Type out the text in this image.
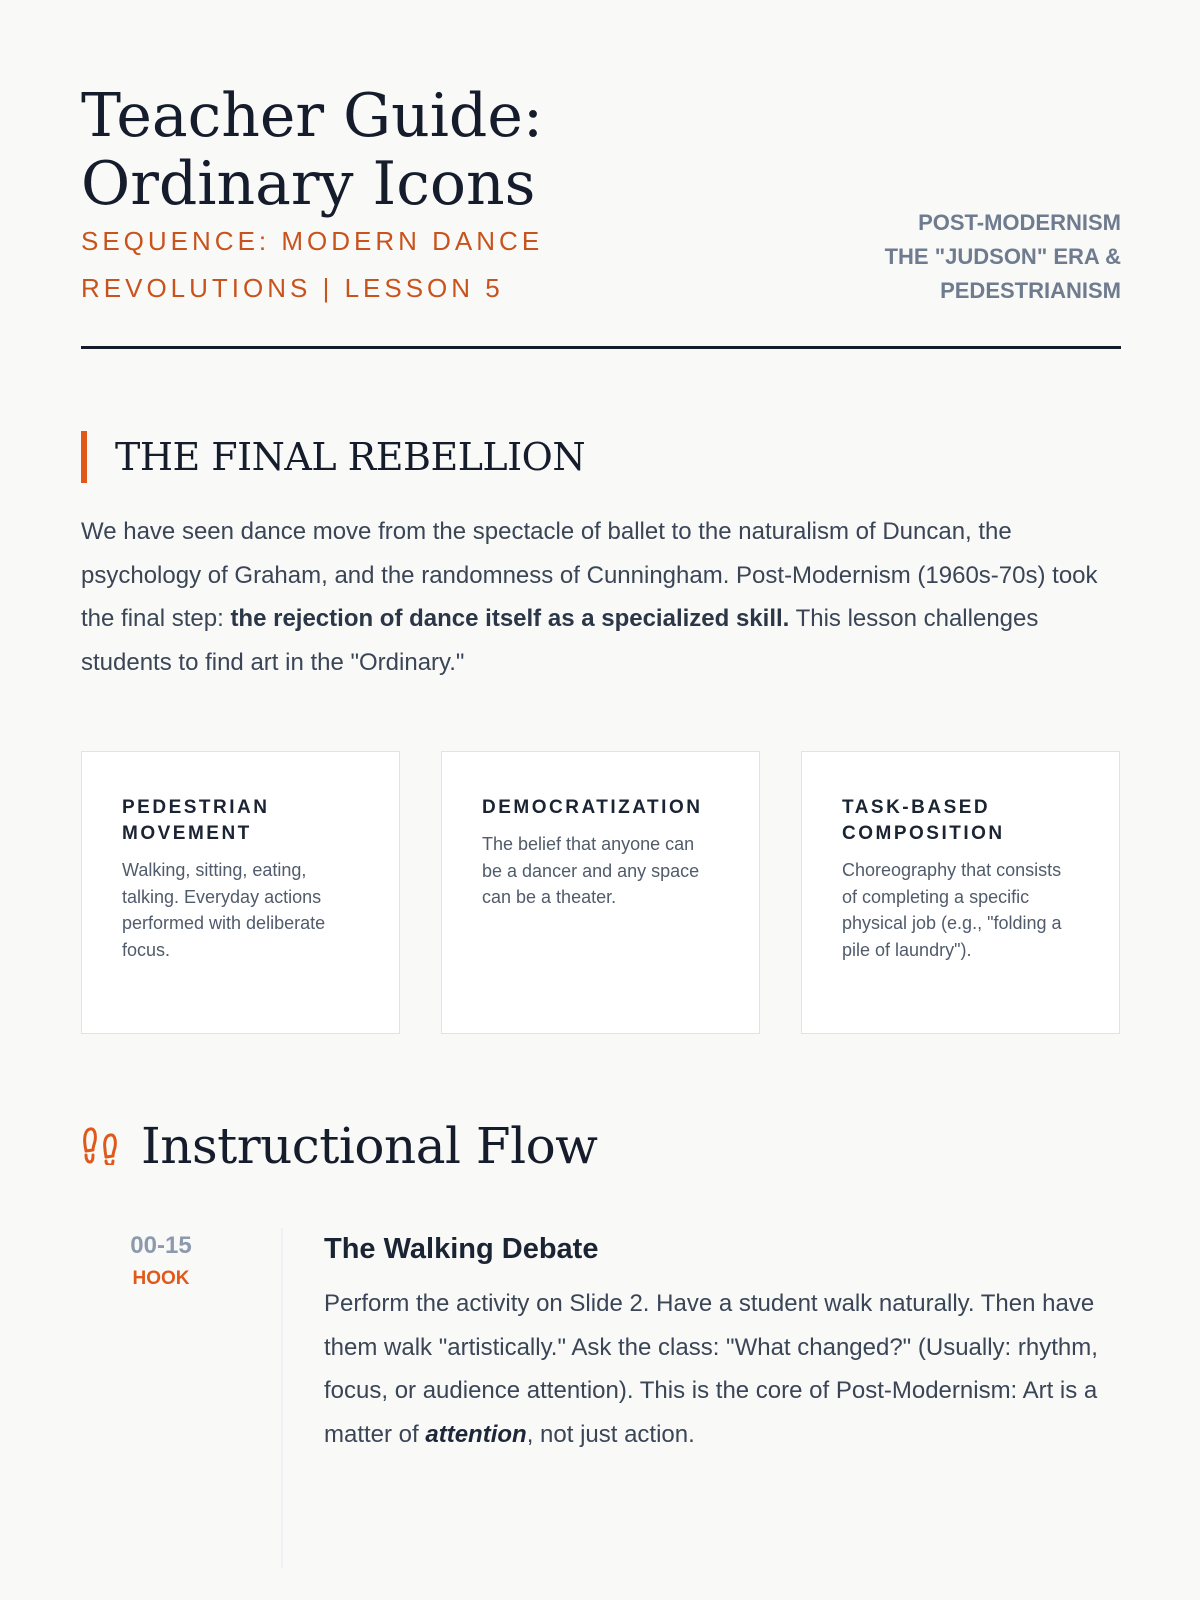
Teacher Guide: Ordinary Icons
SEQUENCE: MODERN DANCE REVOLUTIONS | LESSON 5
POST-MODERNISM
THE "JUDSON" ERA &
PEDESTRIANISM
THE FINAL REBELLION

We have seen dance move from the spectacle of ballet to the naturalism of Duncan, the psychology of Graham, and the randomness of Cunningham. Post-Modernism (1960s-70s) took the final step: the rejection of dance itself as a specialized skill. This lesson challenges students to find art in the "Ordinary."

PEDESTRIAN MOVEMENT

Walking, sitting, eating, talking. Everyday actions performed with deliberate focus.

DEMOCRATIZATION

The belief that anyone can be a dancer and any space can be a theater.

TASK-BASED COMPOSITION

Choreography that consists of completing a specific physical job (e.g., "folding a pile of laundry").

Instructional Flow
00-15
HOOK
The Walking Debate

Perform the activity on Slide 2. Have a student walk naturally. Then have them walk "artistically." Ask the class: "What changed?" (Usually: rhythm, focus, or audience attention). This is the core of Post-Modernism: Art is a matter of attention, not just action.
